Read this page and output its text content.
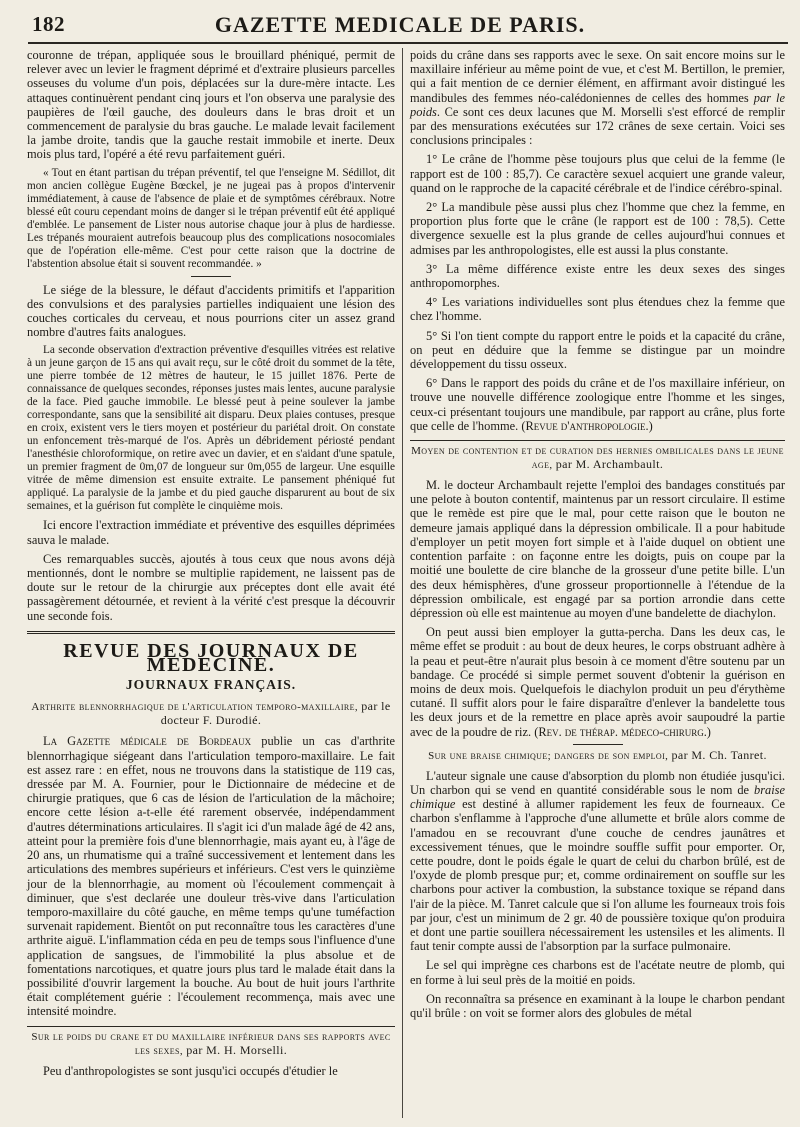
182	GAZETTE MEDICALE DE PARIS.

couronne de trépan, appliquée sous le brouillard phéniqué, permit de relever avec un levier le fragment déprimé et d'extraire plusieurs parcelles osseuses du volume d'un pois, déplacées sur la dure-mère intacte. Les attaques continuèrent pendant cinq jours et l'on observa une paralysie des paupières de l'œil gauche, des douleurs dans le bras droit et un commencement de paralysie du bras gauche. Le malade levait facilement la jambe droite, tandis que la gauche restait immobile et inerte. Deux mois plus tard, l'opéré a été revu parfaitement guéri.

« Tout en étant partisan du trépan préventif, tel que l'enseigne M. Sédillot, dit mon ancien collègue Eugène Bœckel, je ne jugeai pas à propos d'intervenir immédiatement, à cause de l'absence de plaie et de symptômes cérébraux. Notre blessé eût couru cependant moins de danger si le trépan préventif eût été appliqué d'emblée. Le pansement de Lister nous autorise chaque jour à plus de hardiesse. Les trépanés mouraient autrefois beaucoup plus des complications nosocomiales que de l'opération elle-même. C'est pour cette raison que la doctrine de l'abstention absolue était si souvent recommandée. »

Le siége de la blessure, le défaut d'accidents primitifs et l'apparition des convulsions et des paralysies partielles indiquaient une lésion des couches corticales du cerveau, et nous pourrions citer un assez grand nombre d'autres faits analogues.

La seconde observation d'extraction préventive d'esquilles vitrées est relative à un jeune garçon de 15 ans qui avait reçu, sur le côté droit du sommet de la tête, une pierre tombée de 12 mètres de hauteur, le 15 juillet 1876. Perte de connaissance de quelques secondes, réponses justes mais lentes, aucune paralysie de la face. Pied gauche immobile. Le blessé peut à peine soulever la jambe correspondante, sans que la sensibilité ait disparu. Deux plaies contuses, presque en croix, existent vers le tiers moyen et postérieur du pariétal droit. On constate un enfoncement très-marqué de l'os. Après un débridement périosté pendant l'anesthésie chloroformique, on retire avec un davier, et en s'aidant d'une spatule, un premier fragment de 0m,07 de longueur sur 0m,055 de largeur. Une esquille vitrée de même dimension est ensuite extraite. Le pansement phéniqué fut appliqué. La paralysie de la jambe et du pied gauche disparurent au bout de six semaines, et la guérison fut complète le cinquième mois.

Ici encore l'extraction immédiate et préventive des esquilles déprimées sauva le malade.

Ces remarquables succès, ajoutés à tous ceux que nous avons déjà mentionnés, dont le nombre se multiplie rapidement, ne laissent pas de doute sur le retour de la chirurgie aux préceptes dont elle avait été passagèrement détournée, et revient à la vérité c'est presque la découvrir une seconde fois.

REVUE DES JOURNAUX DE MEDECINE.
JOURNAUX FRANÇAIS.
Arthrite blennorrhagique de l'articulation temporo-maxillaire, par le docteur F. Durodié.

La Gazette médicale de Bordeaux publie un cas d'arthrite blennorrhagique siégeant dans l'articulation temporo-maxillaire. Le fait est assez rare : en effet, nous ne trouvons dans la statistique de 119 cas, dressée par M. A. Fournier, pour le Dictionnaire de médecine et de chirurgie pratiques, que 6 cas de lésion de l'articulation de la mâchoire; encore cette lésion a-t-elle été rarement observée, indépendamment d'autres déterminations articulaires. Il s'agit ici d'un malade âgé de 42 ans, atteint pour la première fois d'une blennorrhagie, mais ayant eu, à l'âge de 20 ans, un rhumatisme qui a traîné successivement et lentement dans les articulations des membres supérieurs et inférieurs. C'est vers le quinzième jour de la blennorrhagie, au moment où l'écoulement commençait à diminuer, que s'est declarée une douleur très-vive dans l'articulation temporo-maxillaire du côté gauche, en même temps qu'une tuméfaction survenait rapidement. Bientôt on put reconnaître tous les caractères d'une arthrite aiguë. L'inflammation céda en peu de temps sous l'influence d'une application de sangsues, de l'immobilité la plus absolue et de fomentations narcotiques, et quatre jours plus tard le malade était dans la possibilité d'ouvrir largement la bouche. Au bout de huit jours l'arthrite était complétement guérie : l'écoulement recommença, mais avec une intensité moindre.

Sur le poids du crane et du maxillaire inférieur dans ses rapports avec les sexes, par M. H. Morselli.

Peu d'anthropologistes se sont jusqu'ici occupés d'étudier le

poids du crâne dans ses rapports avec le sexe. On sait encore moins sur le maxillaire inférieur au même point de vue, et c'est M. Bertillon, le premier, qui a fait mention de ce dernier élément, en affirmant avoir distingué les mandibules des femmes néo-calédoniennes de celles des hommes par le poids. Ce sont ces deux lacunes que M. Morselli s'est efforcé de remplir par des mensurations exécutées sur 172 crânes de sexe certain. Voici ses conclusions principales :

1° Le crâne de l'homme pèse toujours plus que celui de la femme (le rapport est de 100 : 85,7). Ce caractère sexuel acquiert une grande valeur, quand on le rapproche de la capacité cérébrale et de l'indice cérébro-spinal.

2° La mandibule pèse aussi plus chez l'homme que chez la femme, en proportion plus forte que le crâne (le rapport est de 100 : 78,5). Cette divergence sexuelle est la plus grande de celles aujourd'hui connues et admises par les anthropologistes, elle est aussi la plus constante.

3° La même différence existe entre les deux sexes des singes anthropomorphes.

4° Les variations individuelles sont plus étendues chez la femme que chez l'homme.

5° Si l'on tient compte du rapport entre le poids et la capacité du crâne, on peut en déduire que la femme se distingue par un moindre développement du tissu osseux.

6° Dans le rapport des poids du crâne et de l'os maxillaire inférieur, on trouve une nouvelle différence zoologique entre l'homme et les singes, ceux-ci présentant toujours une mandibule, par rapport au crâne, plus forte que celle de l'homme. (Revue d'anthropologie.)

Moyen de contention et de curation des hernies ombilicales dans le jeune age, par M. Archambault.

M. le docteur Archambault rejette l'emploi des bandages constitués par une pelote à bouton contentif, maintenus par un ressort circulaire. Il estime que le remède est pire que le mal, pour cette raison que le bouton ne demeure jamais appliqué dans la dépression ombilicale. Il a pour habitude d'employer un petit moyen fort simple et à l'aide duquel on obtient une contention parfaite : on façonne entre les doigts, puis on coupe par la moitié une boulette de cire blanche de la grosseur d'une petite bille. L'un des deux hémisphères, d'une grosseur proportionnelle à l'étendue de la dépression ombilicale, est engagé par sa portion arrondie dans cette dépression où elle est maintenue au moyen d'une bandelette de diachylon.

On peut aussi bien employer la gutta-percha. Dans les deux cas, le même effet se produit : au bout de deux heures, le corps obstruant adhère à la peau et peut-être n'aurait plus besoin à ce moment d'être soutenu par un bandage. Ce procédé si simple permet souvent d'obtenir la guérison en moins de deux mois. Quelquefois le diachylon produit un peu d'érythème cutané. Il suffit alors pour le faire disparaître d'enlever la bandelette tous les deux jours et de la remettre en place après avoir saupoudré la partie avec de la poudre de riz. (Rev. de thérap. médeco-chirurg.)

Sur une braise chimique; dangers de son emploi, par M. Ch. Tanret.

L'auteur signale une cause d'absorption du plomb non étudiée jusqu'ici. Un charbon qui se vend en quantité considérable sous le nom de braise chimique est destiné à allumer rapidement les feux de fourneaux. Ce charbon s'enflamme à l'approche d'une allumette et brûle alors comme de l'amadou en se recouvrant d'une couche de cendres jaunâtres et excessivement ténues, que le moindre souffle suffit pour emporter. Or, cette poudre, dont le poids égale le quart de celui du charbon brûlé, est de l'oxyde de plomb presque pur; et, comme ordinairement on souffle sur les charbons pour activer la combustion, la substance toxique se répand dans l'air de la pièce. M. Tanret calcule que si l'on allume les fourneaux trois fois par jour, c'est un minimum de 2 gr. 40 de poussière toxique qu'on produira et dont une partie souillera nécessairement les ustensiles et les aliments. Il faut tenir compte aussi de l'absorption par la surface pulmonaire.

Le sel qui imprègne ces charbons est de l'acétate neutre de plomb, qui en forme à lui seul près de la moitié en poids.

On reconnaîtra sa présence en examinant à la loupe le charbon pendant qu'il brûle : on voit se former alors des globules de métal
